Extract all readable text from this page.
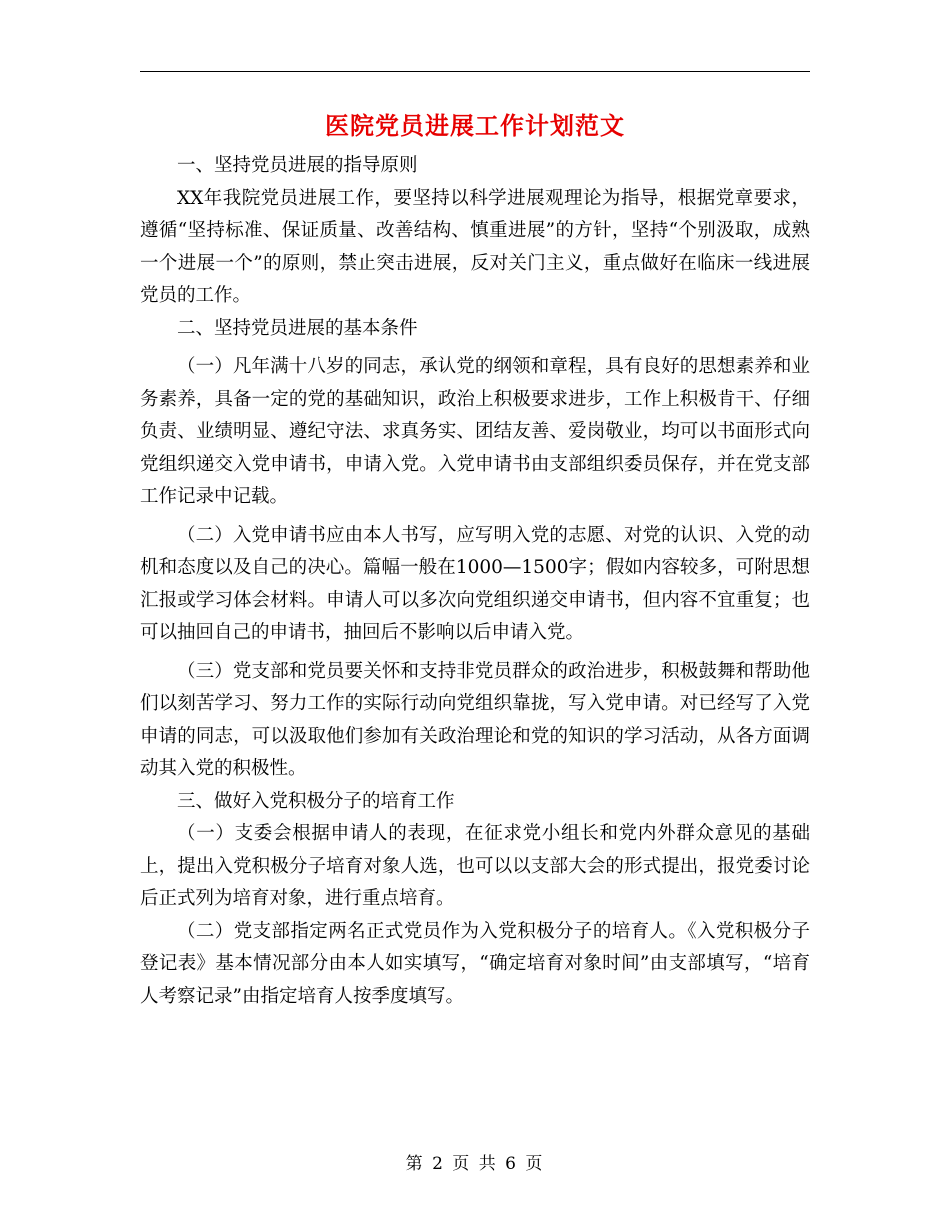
医院党员进展工作计划范文

一、坚持党员进展的指导原则

XX年我院党员进展工作，要坚持以科学进展观理论为指导，根据党章要求，遵循“坚持标准、保证质量、改善结构、慎重进展”的方针，坚持“个别汲取，成熟一个进展一个”的原则，禁止突击进展，反对关门主义，重点做好在临床一线进展党员的工作。

二、坚持党员进展的基本条件

（一）凡年满十八岁的同志，承认党的纲领和章程，具有良好的思想素养和业务素养，具备一定的党的基础知识，政治上积极要求进步，工作上积极肯干、仔细负责、业绩明显、遵纪守法、求真务实、团结友善、爱岗敬业，均可以书面形式向党组织递交入党申请书，申请入党。入党申请书由支部组织委员保存，并在党支部工作记录中记载。

（二）入党申请书应由本人书写，应写明入党的志愿、对党的认识、入党的动机和态度以及自己的决心。篇幅一般在1000—1500字；假如内容较多，可附思想汇报或学习体会材料。申请人可以多次向党组织递交申请书，但内容不宜重复；也可以抽回自己的申请书，抽回后不影响以后申请入党。

（三）党支部和党员要关怀和支持非党员群众的政治进步，积极鼓舞和帮助他们以刻苦学习、努力工作的实际行动向党组织靠拢，写入党申请。对已经写了入党申请的同志，可以汲取他们参加有关政治理论和党的知识的学习活动，从各方面调动其入党的积极性。

三、做好入党积极分子的培育工作

（一）支委会根据申请人的表现，在征求党小组长和党内外群众意见的基础上，提出入党积极分子培育对象人选，也可以以支部大会的形式提出，报党委讨论后正式列为培育对象，进行重点培育。

（二）党支部指定两名正式党员作为入党积极分子的培育人。《入党积极分子登记表》基本情况部分由本人如实填写，“确定培育对象时间”由支部填写，“培育人考察记录”由指定培育人按季度填写。

第 2 页 共 6 页
